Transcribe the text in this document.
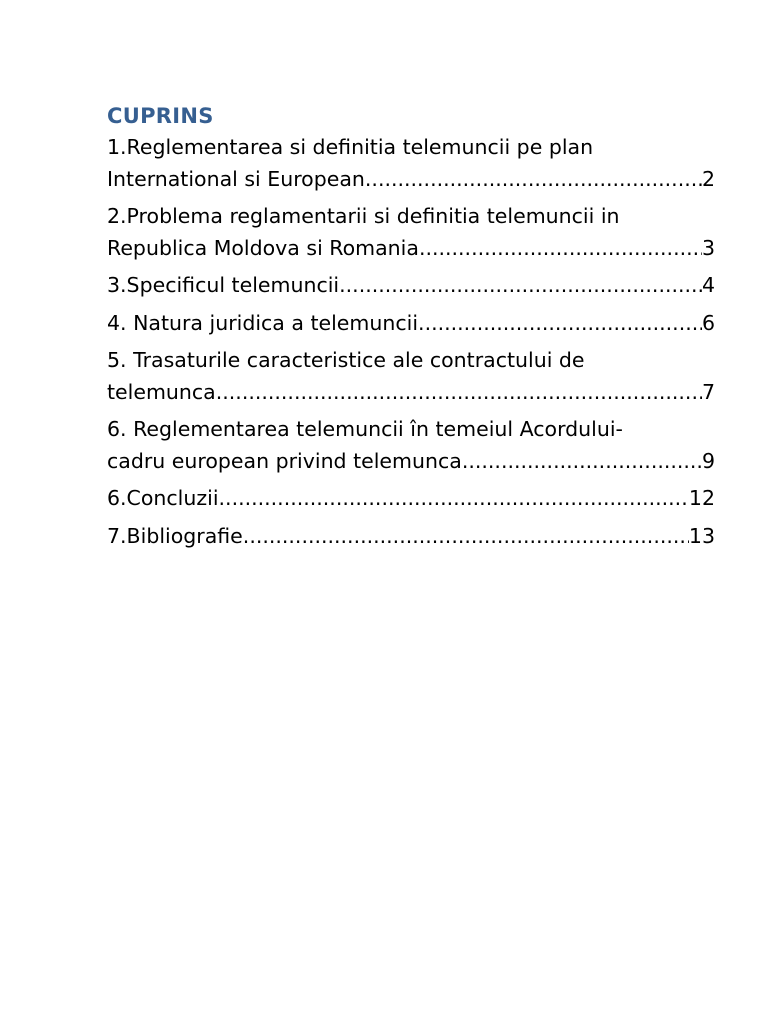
CUPRINS
1.Reglementarea si definitia telemuncii pe plan
International si European .....	2
2.Problema reglamentarii si definitia telemuncii in
Republica Moldova si Romania .....	3
3.Specificul telemuncii .....	4
4. Natura juridica a telemuncii .....	6
5. Trasaturile caracteristice ale contractului de
telemunca .....	7
6. Reglementarea telemuncii în temeiul Acordului-
cadru european privind telemunca .....	9
6.Concluzii .....	12
7.Bibliografie .....	13
